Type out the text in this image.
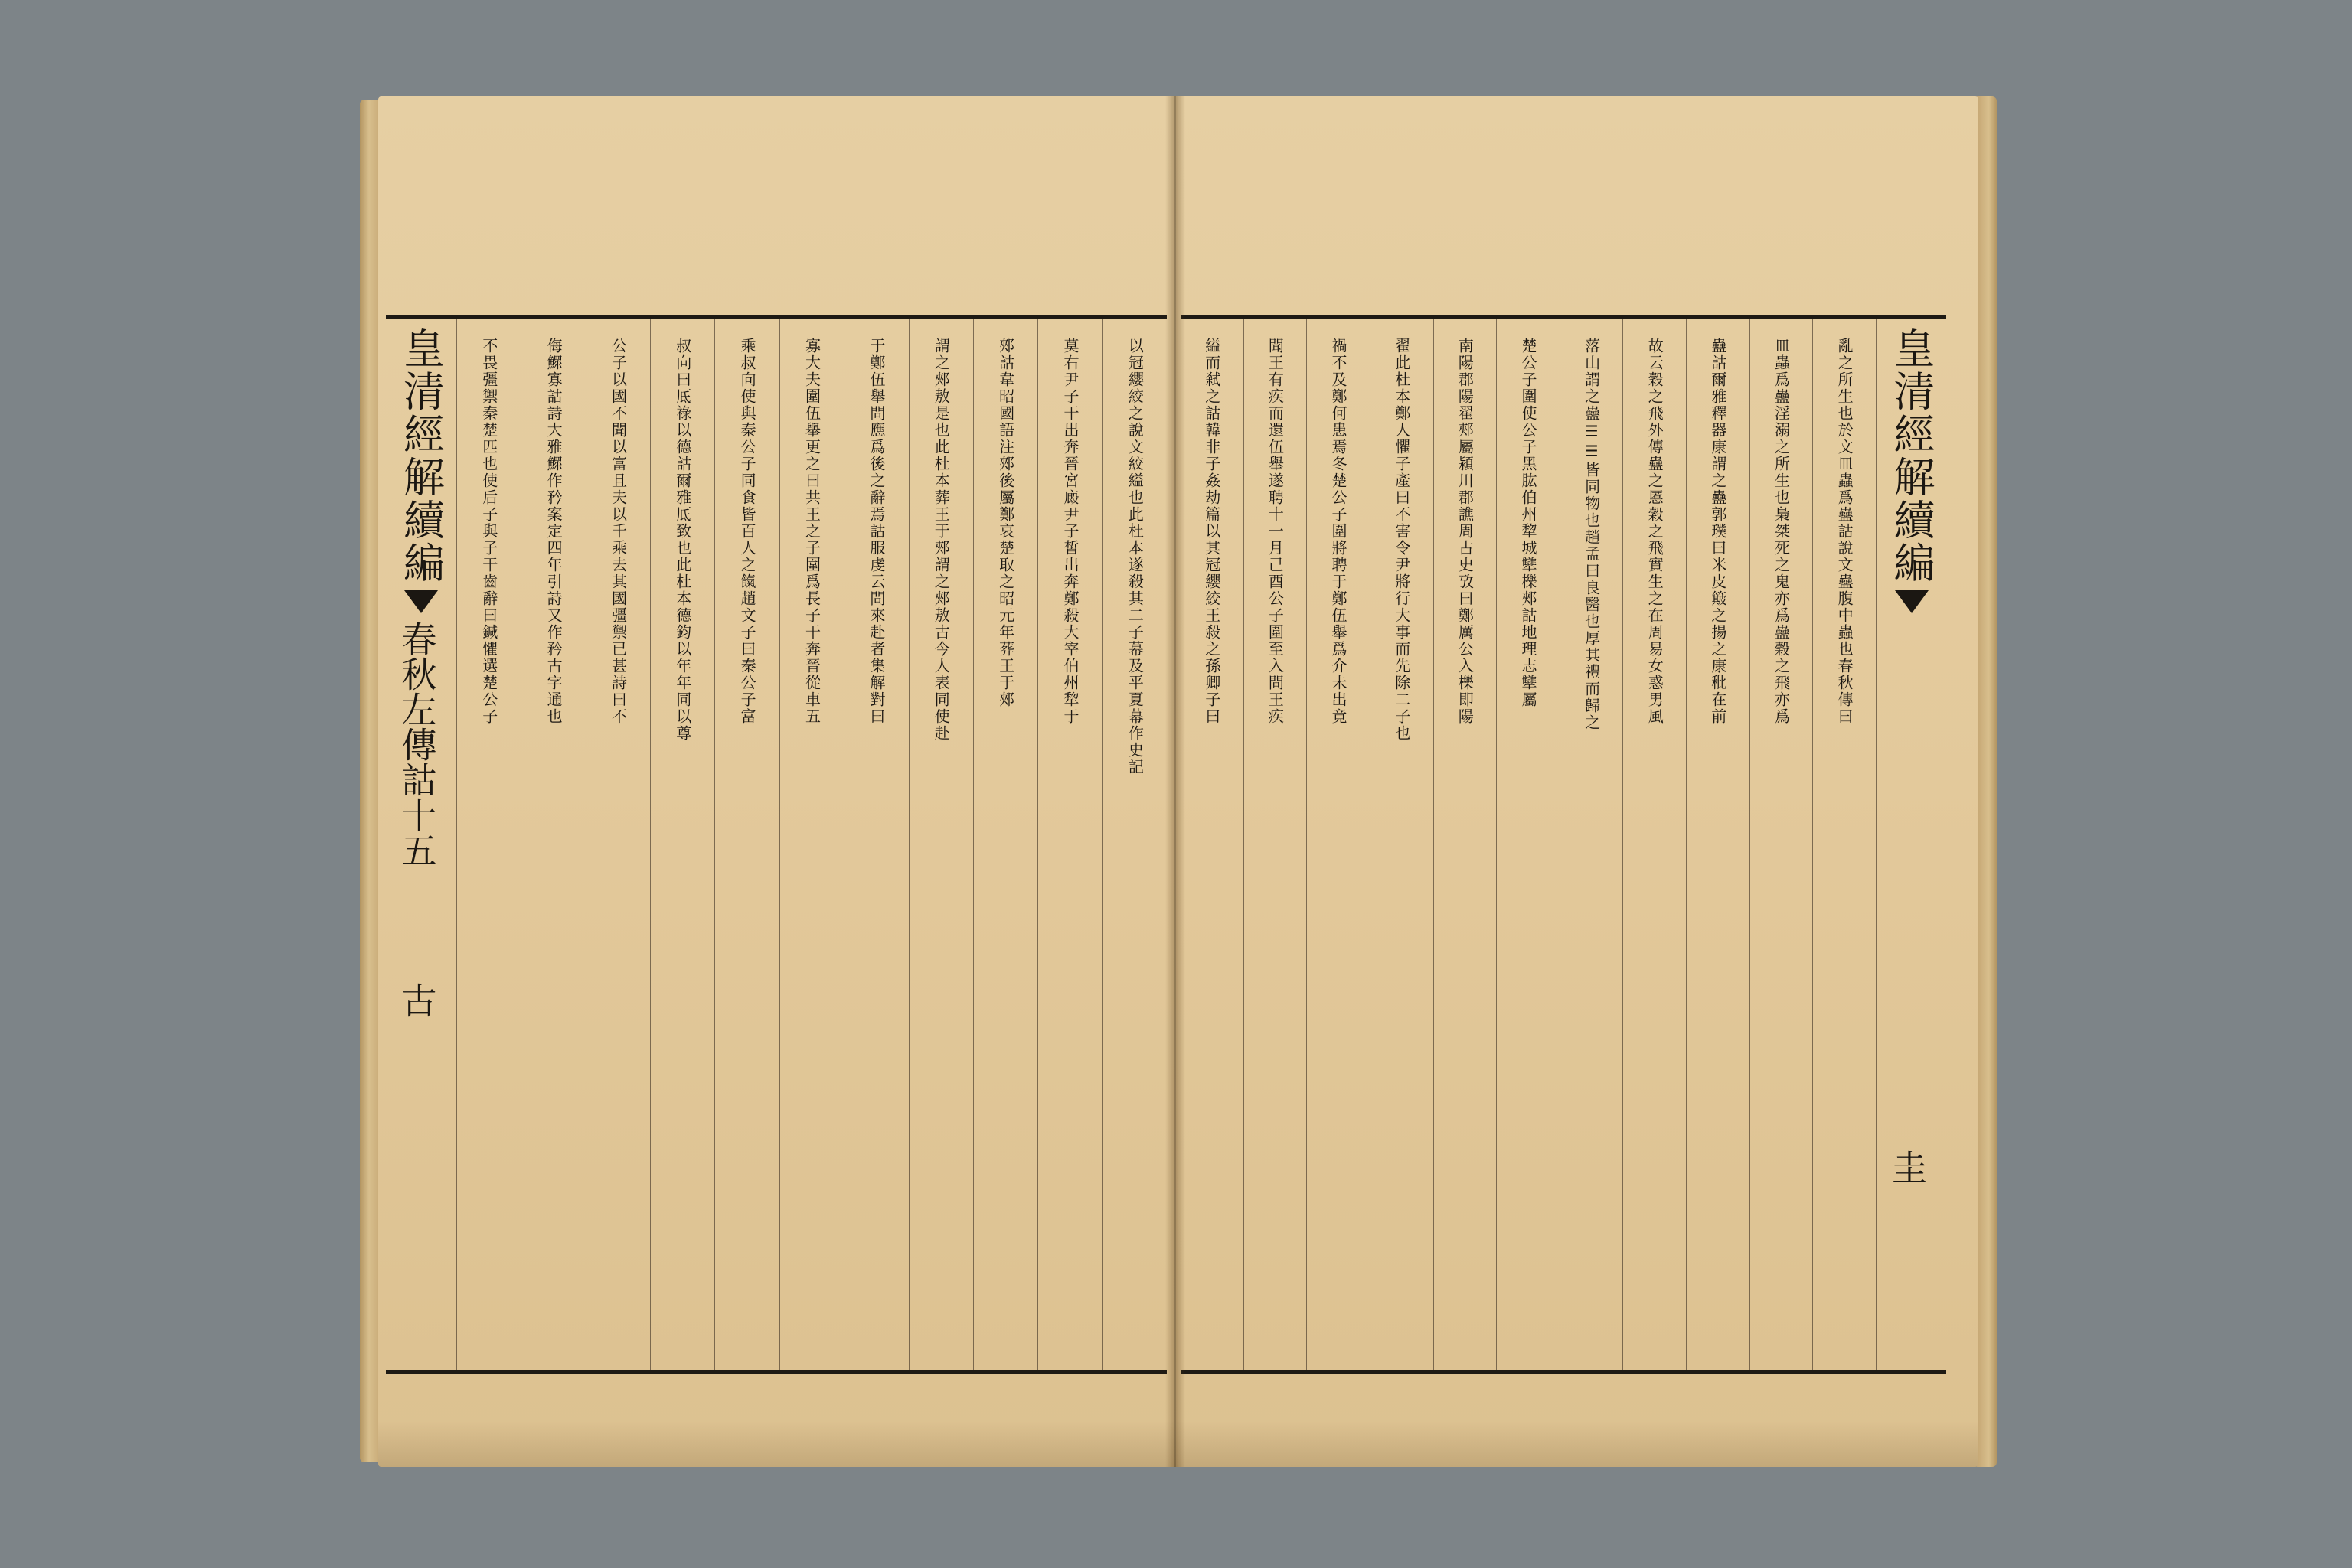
以冠纓絞之說文絞縊也此杜本遂殺其二子幕及平夏幕作史記
莫右尹子干出奔晉宮廄尹子皙出奔鄭殺大宰伯州犂于
郟詁韋昭國語注郟後屬鄭哀楚取之昭元年葬王于郟
謂之郟敖是也此杜本葬王于郟謂之郟敖古今人表同使赴
于鄭伍舉問應爲後之辭焉詁服虔云問來赴者集解對曰
寡大夫圍伍舉更之曰共王之子圍爲長子干奔晉從車五
乘叔向使與秦公子同食皆百人之餼趙文子曰秦公子富
叔向曰厎祿以德詁爾雅厎致也此杜本德鈞以年年同以尊
公子以國不聞以富且夫以千乘去其國彊禦已甚詩曰不
侮鰥寡詁詩大雅鰥作矜案定四年引詩又作矜古字通也
不畏彊禦秦楚匹也使后子與子干齒辭曰鍼懼選楚公子
皇清經解續編
春秋左傳詁十五
古
皇清經解續編
圭
亂之所生也於文皿蟲爲蠱詁說文蠱腹中蟲也春秋傳曰
皿蟲爲蠱淫溺之所生也梟桀死之鬼亦爲蠱穀之飛亦爲
蠱詁爾雅釋器康謂之蠱郭璞曰米皮簸之揚之康秕在前
故云穀之飛外傳蠱之慝穀之飛實生之在周易女惑男風
落山謂之蠱☰☰皆同物也趙孟曰良醫也厚其禮而歸之
楚公子圍使公子黑肱伯州犂城犫櫟郟詁地理志犫屬
南陽郡陽翟郟屬潁川郡譙周古史攷曰鄭厲公入櫟即陽
翟此杜本鄭人懼子產曰不害令尹將行大事而先除二子也
禍不及鄭何患焉冬楚公子圍將聘于鄭伍舉爲介未出竟
聞王有疾而還伍舉遂聘十一月己酉公子圍至入問王疾
縊而弒之詁韓非子姦劫篇以其冠纓絞王殺之孫卿子曰
